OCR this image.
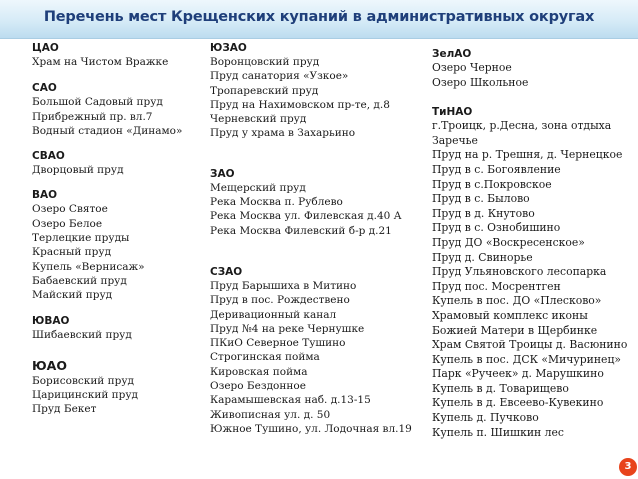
Перечень мест Крещенских купаний в административных округах
ЦАО
Храм на Чистом Вражке
САО
Большой Садовый пруд
Прибрежный пр. вл.7
Водный стадион «Динамо»
СВАО
Дворцовый пруд
ВАО
Озеро Святое
Озеро Белое
Терлецкие пруды
Красный пруд
Купель «Вернисаж»
Бабаевский пруд
Майский пруд
ЮВАО
Шибаевский пруд
ЮАО
Борисовский пруд
Царицинский пруд
Пруд Бекет
ЮЗАО
Воронцовский пруд
Пруд санатория «Узкое»
Тропаревский пруд
Пруд на Нахимовском пр-те, д.8
Черневский пруд
Пруд у храма в Захарьино
ЗАО
Мещерский пруд
Река Москва п. Рублево
Река Москва ул. Филевская д.40 А
Река Москва Филевский б-р д.21
СЗАО
Пруд Барышиха в Митино
Пруд в пос. Рождествено
Деривационный канал
Пруд №4 на реке Чернушке
ПКиО Северное Тушино
Строгинская пойма
Кировская пойма
Озеро Бездонное
Карамышевская наб. д.13-15
Живописная ул. д. 50
Южное Тушино, ул. Лодочная вл.19
ЗелАО
Озеро Черное
Озеро Школьное
ТиНАО
г.Троицк, р.Десна, зона отдыха Заречье
Пруд на р. Трешня, д. Чернецкое
Пруд в с. Богоявление
Пруд в с.Покровское
Пруд в с. Былово
Пруд в д. Кнутово
Пруд в с. Ознобишино
Пруд ДО «Воскресенское»
Пруд д. Свинорье
Пруд Ульяновского лесопарка
Пруд пос. Мосрентген
Купель в пос. ДО «Плесково»
Храмовый комплекс иконы
Божией Матери в Щербинке
Храм Святой Троицы д. Васюнино
Купель в пос. ДСК «Мичуринец»
Парк «Ручеек» д. Марушкино
Купель в д. Товарищево
Купель в д. Евсеево-Кувекино
Купель д. Пучково
Купель п. Шишкин лес
3
